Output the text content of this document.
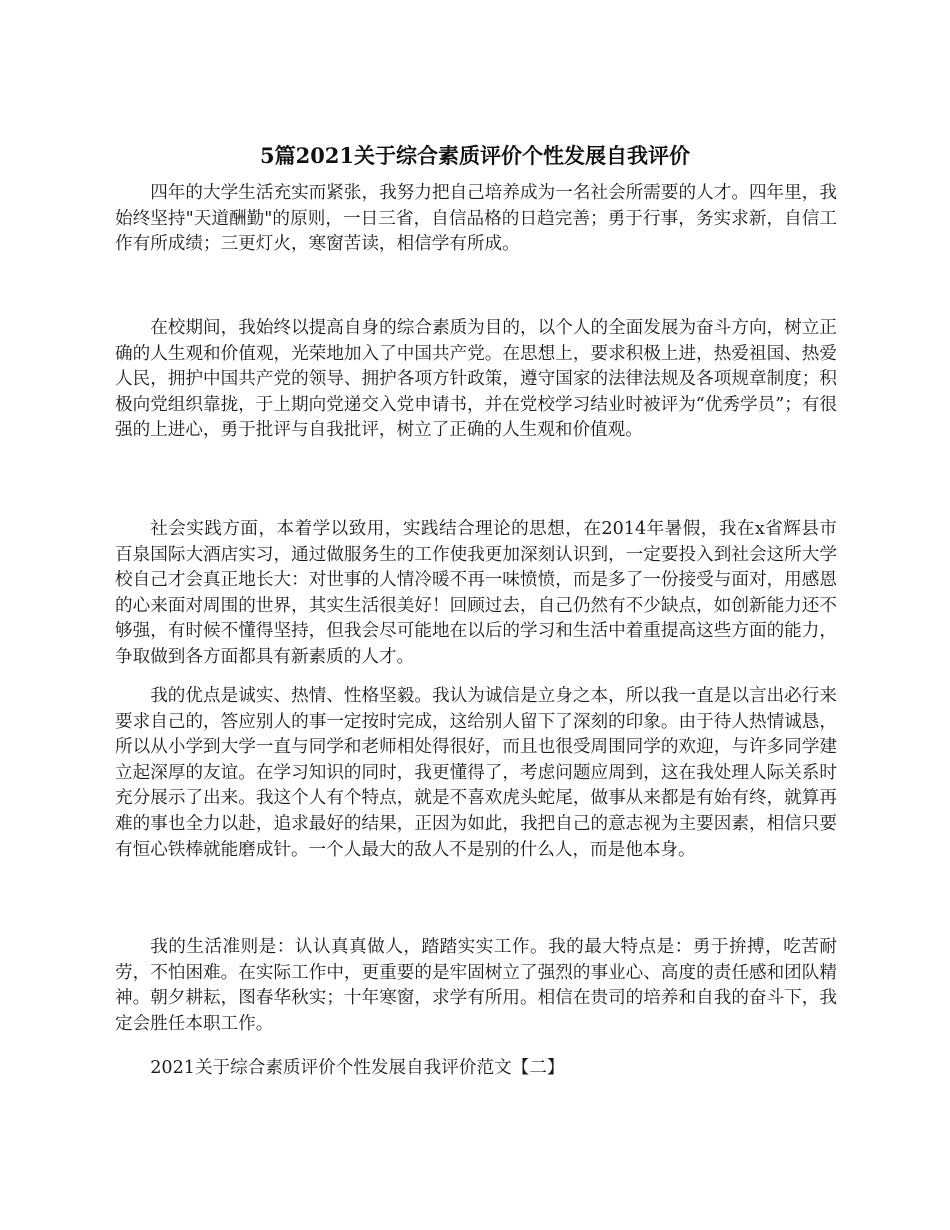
5篇2021关于综合素质评价个性发展自我评价

四年的大学生活充实而紧张，我努力把自己培养成为一名社会所需要的人才。四年里，我始终坚持"天道酬勤"的原则，一日三省，自信品格的日趋完善；勇于行事，务实求新，自信工作有所成绩；三更灯火，寒窗苦读，相信学有所成。

在校期间，我始终以提高自身的综合素质为目的，以个人的全面发展为奋斗方向，树立正确的人生观和价值观，光荣地加入了中国共产党。在思想上，要求积极上进，热爱祖国、热爱人民，拥护中国共产党的领导、拥护各项方针政策，遵守国家的法律法规及各项规章制度；积极向党组织靠拢，于上期向党递交入党申请书，并在党校学习结业时被评为“优秀学员”；有很强的上进心，勇于批评与自我批评，树立了正确的人生观和价值观。

社会实践方面，本着学以致用，实践结合理论的思想，在2014年暑假，我在x省辉县市百泉国际大酒店实习，通过做服务生的工作使我更加深刻认识到，一定要投入到社会这所大学校自己才会真正地长大：对世事的人情冷暖不再一味愤愤，而是多了一份接受与面对，用感恩的心来面对周围的世界，其实生活很美好！回顾过去，自己仍然有不少缺点，如创新能力还不够强，有时候不懂得坚持，但我会尽可能地在以后的学习和生活中着重提高这些方面的能力，争取做到各方面都具有新素质的人才。

我的优点是诚实、热情、性格坚毅。我认为诚信是立身之本，所以我一直是以言出必行来要求自己的，答应别人的事一定按时完成，这给别人留下了深刻的印象。由于待人热情诚恳，所以从小学到大学一直与同学和老师相处得很好，而且也很受周围同学的欢迎，与许多同学建立起深厚的友谊。在学习知识的同时，我更懂得了，考虑问题应周到，这在我处理人际关系时充分展示了出来。我这个人有个特点，就是不喜欢虎头蛇尾，做事从来都是有始有终，就算再难的事也全力以赴，追求最好的结果，正因为如此，我把自己的意志视为主要因素，相信只要有恒心铁棒就能磨成针。一个人最大的敌人不是别的什么人，而是他本身。

我的生活准则是：认认真真做人，踏踏实实工作。我的最大特点是：勇于拚搏，吃苦耐劳，不怕困难。在实际工作中，更重要的是牢固树立了强烈的事业心、高度的责任感和团队精神。朝夕耕耘，图春华秋实；十年寒窗，求学有所用。相信在贵司的培养和自我的奋斗下，我定会胜任本职工作。

2021关于综合素质评价个性发展自我评价范文【二】
